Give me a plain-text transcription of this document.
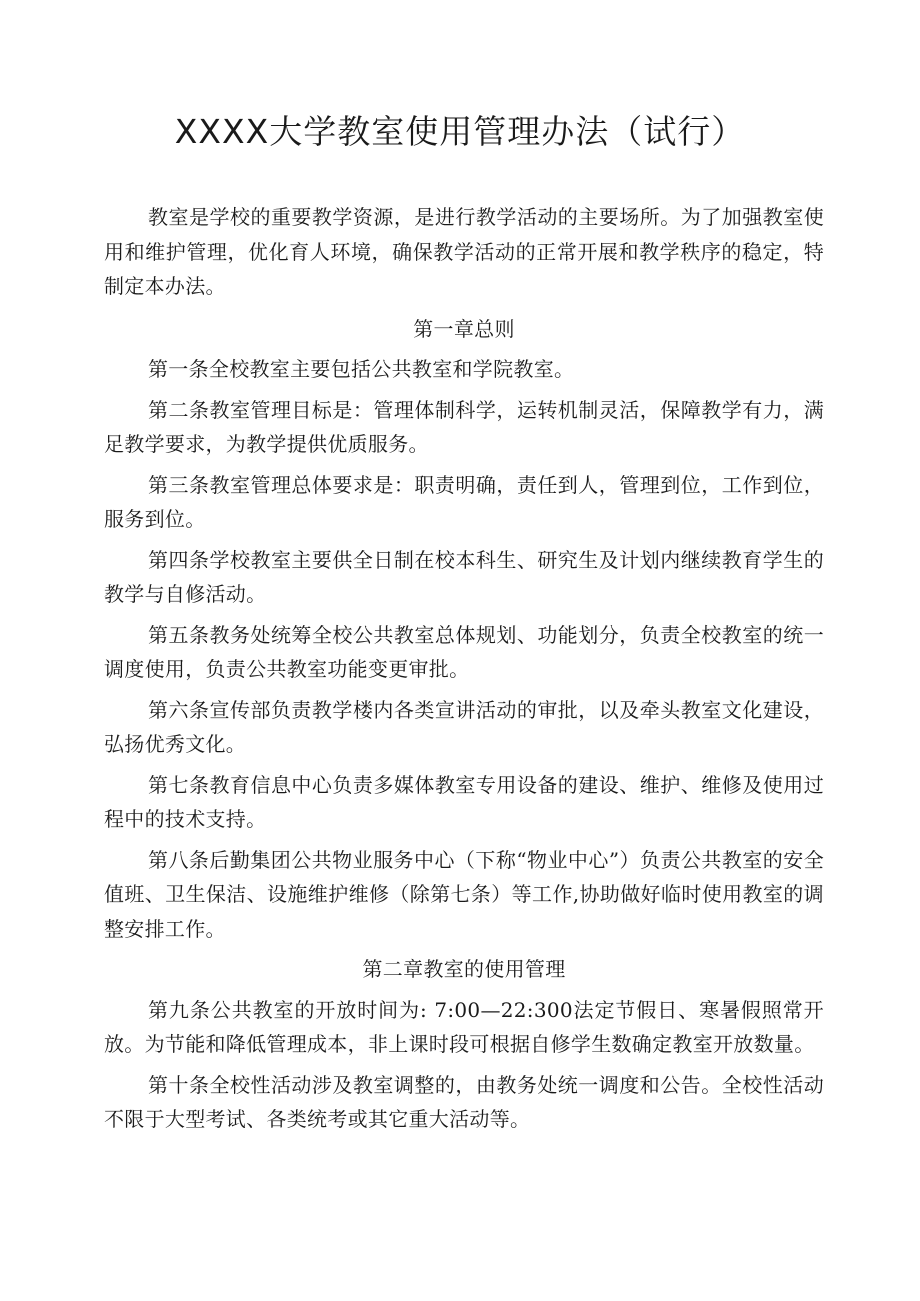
XXXX大学教室使用管理办法（试行）

教室是学校的重要教学资源，是进行教学活动的主要场所。为了加强教室使用和维护管理，优化育人环境，确保教学活动的正常开展和教学秩序的稳定，特制定本办法。

第一章总则

第一条全校教室主要包括公共教室和学院教室。

第二条教室管理目标是：管理体制科学，运转机制灵活，保障教学有力，满足教学要求，为教学提供优质服务。

第三条教室管理总体要求是：职责明确，责任到人，管理到位，工作到位，服务到位。

第四条学校教室主要供全日制在校本科生、研究生及计划内继续教育学生的教学与自修活动。

第五条教务处统筹全校公共教室总体规划、功能划分，负责全校教室的统一调度使用，负责公共教室功能变更审批。

第六条宣传部负责教学楼内各类宣讲活动的审批，以及牵头教室文化建设，弘扬优秀文化。

第七条教育信息中心负责多媒体教室专用设备的建设、维护、维修及使用过程中的技术支持。

第八条后勤集团公共物业服务中心（下称“物业中心”）负责公共教室的安全值班、卫生保洁、设施维护维修（除第七条）等工作,协助做好临时使用教室的调整安排工作。

第二章教室的使用管理

第九条公共教室的开放时间为: 7:00—22:300法定节假日、寒暑假照常开放。为节能和降低管理成本，非上课时段可根据自修学生数确定教室开放数量。

第十条全校性活动涉及教室调整的，由教务处统一调度和公告。全校性活动不限于大型考试、各类统考或其它重大活动等。
